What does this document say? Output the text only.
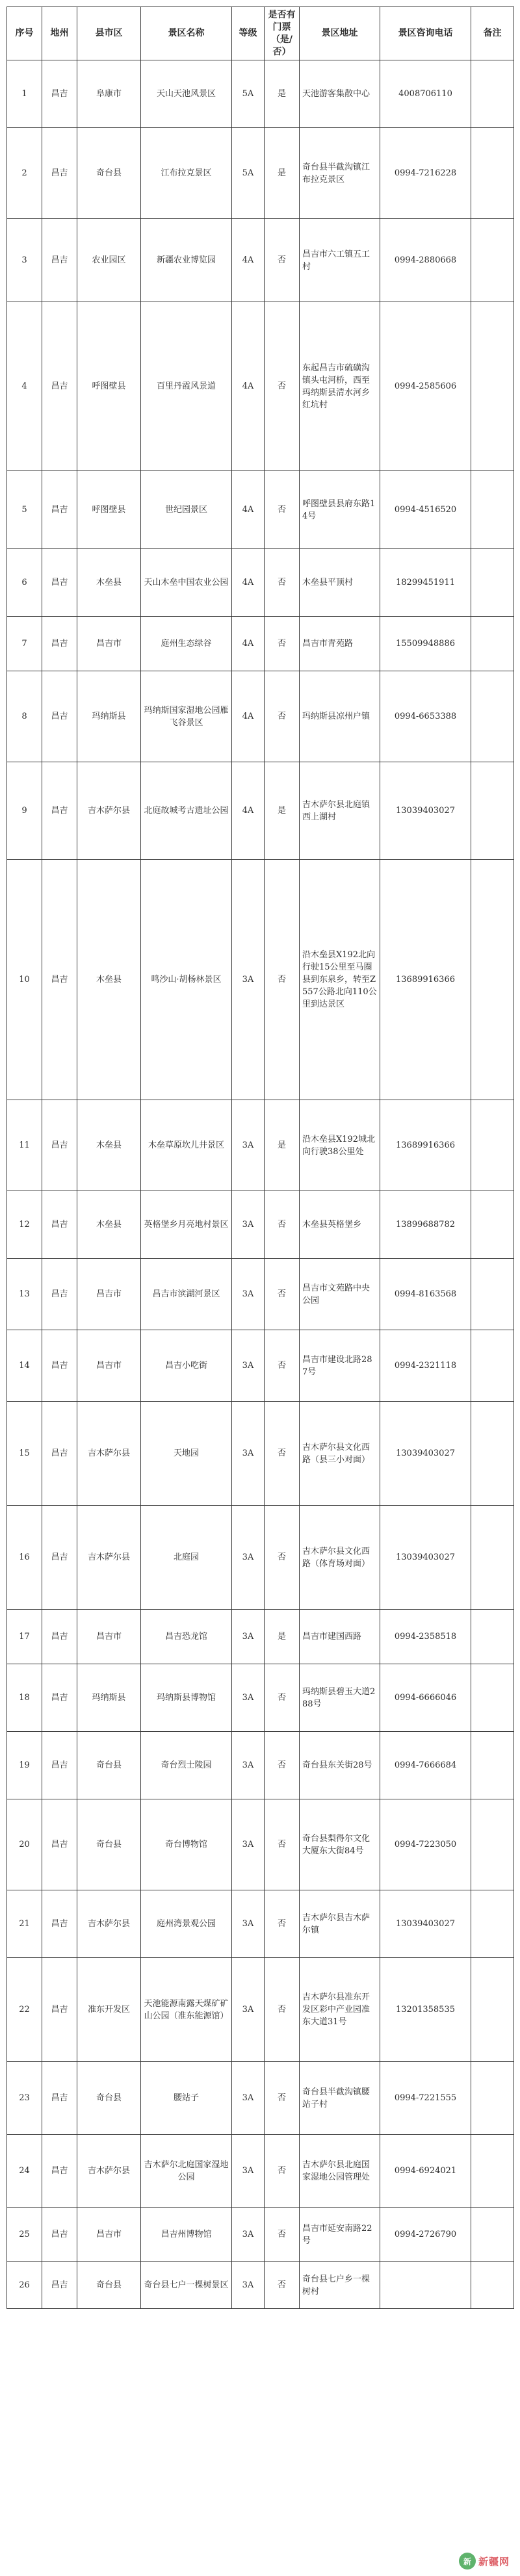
序号	地州	县市区	景区名称	等级	是否有门票（是/否）	景区地址	景区咨询电话	备注
1	昌吉	阜康市	天山天池风景区	5A	是	天池游客集散中心	4008706110	
2	昌吉	奇台县	江布拉克景区	5A	是	奇台县半截沟镇江布拉克景区	0994-7216228	
3	昌吉	农业园区	新疆农业博览园	4A	否	昌吉市六工镇五工村	0994-2880668	
4	昌吉	呼图壁县	百里丹霞风景道	4A	否	东起昌吉市硫磺沟镇头屯河桥，西至玛纳斯县清水河乡红坑村	0994-2585606	
5	昌吉	呼图壁县	世纪园景区	4A	否	呼图壁县县府东路14号	0994-4516520	
6	昌吉	木垒县	天山木垒中国农业公园	4A	否	木垒县平顶村	18299451911	
7	昌吉	昌吉市	庭州生态绿谷	4A	否	昌吉市青苑路	15509948886	
8	昌吉	玛纳斯县	玛纳斯国家湿地公园雁飞谷景区	4A	否	玛纳斯县凉州户镇	0994-6653388	
9	昌吉	吉木萨尔县	北庭故城考古遗址公园	4A	是	吉木萨尔县北庭镇西上湖村	13039403027	
10	昌吉	木垒县	鸣沙山·胡杨林景区	3A	否	沿木垒县X192北向行驶15公里至马圈县到东泉乡，转至Z557公路北向110公里到达景区	13689916366	
11	昌吉	木垒县	木垒草原坎儿井景区	3A	是	沿木垒县X192城北向行驶38公里处	13689916366	
12	昌吉	木垒县	英格堡乡月亮地村景区	3A	否	木垒县英格堡乡	13899688782	
13	昌吉	昌吉市	昌吉市滨湖河景区	3A	否	昌吉市文苑路中央公园	0994-8163568	
14	昌吉	昌吉市	昌吉小吃街	3A	否	昌吉市建设北路287号	0994-2321118	
15	昌吉	吉木萨尔县	天地园	3A	否	吉木萨尔县文化西路（县三小对面）	13039403027	
16	昌吉	吉木萨尔县	北庭园	3A	否	吉木萨尔县文化西路（体育场对面）	13039403027	
17	昌吉	昌吉市	昌吉恐龙馆	3A	是	昌吉市建国西路	0994-2358518	
18	昌吉	玛纳斯县	玛纳斯县博物馆	3A	否	玛纳斯县碧玉大道288号	0994-6666046	
19	昌吉	奇台县	奇台烈士陵园	3A	否	奇台县东关街28号	0994-7666684	
20	昌吉	奇台县	奇台博物馆	3A	否	奇台县梨得尔文化大厦东大街84号	0994-7223050	
21	昌吉	吉木萨尔县	庭州湾景观公园	3A	否	吉木萨尔县吉木萨尔镇	13039403027	
22	昌吉	准东开发区	天池能源南露天煤矿矿山公园（准东能源馆）	3A	否	吉木萨尔县准东开发区彩中产业园准东大道31号	13201358535	
23	昌吉	奇台县	腰站子	3A	否	奇台县半截沟镇腰站子村	0994-7221555	
24	昌吉	吉木萨尔县	吉木萨尔北庭国家湿地公园	3A	否	吉木萨尔县北庭国家湿地公园管理处	0994-6924021	
25	昌吉	昌吉市	昌吉州博物馆	3A	否	昌吉市延安南路22号	0994-2726790	
26	昌吉	奇台县	奇台县七户一棵树景区	3A	否	奇台县七户乡一棵树村		
新 新疆网
